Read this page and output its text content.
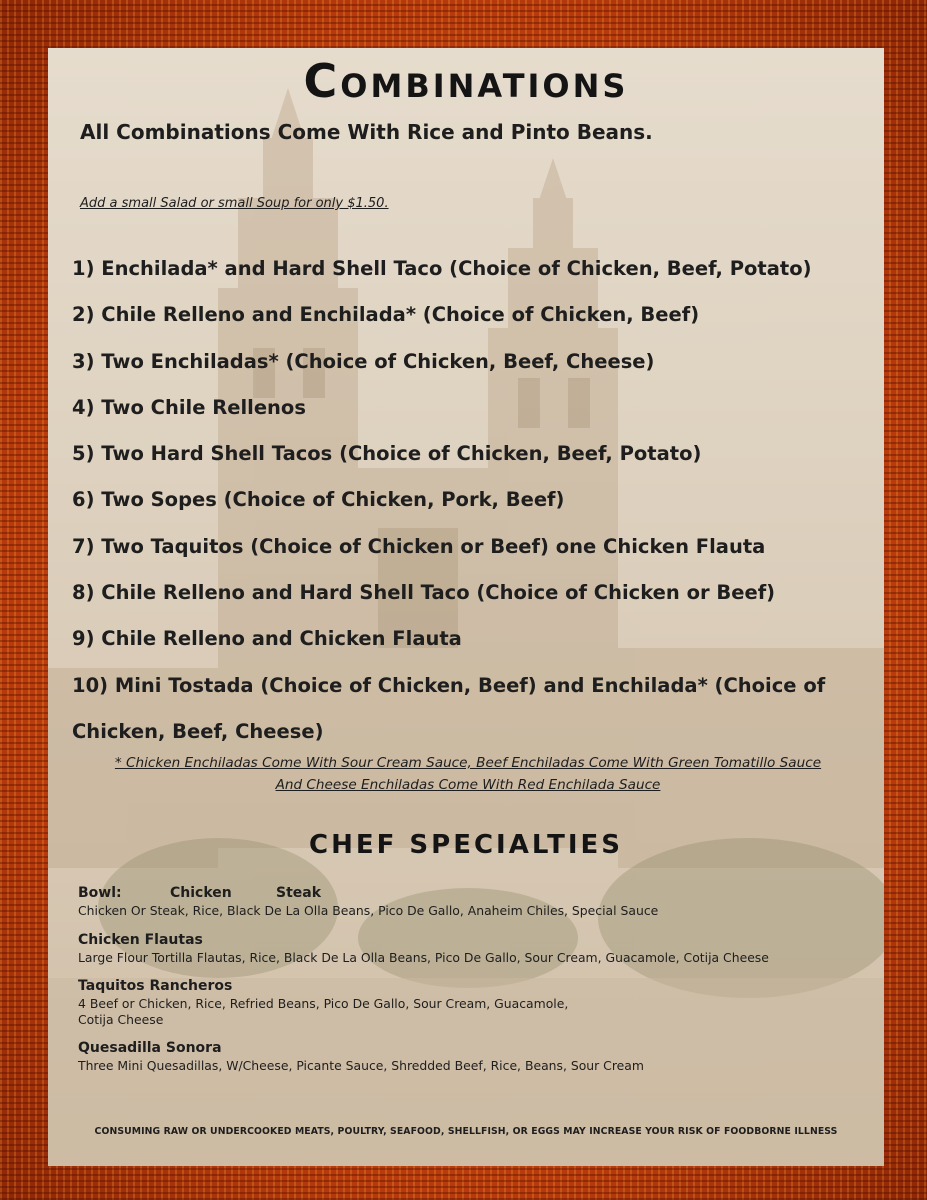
Combinations
All Combinations Come With Rice and Pinto Beans.
Add a small Salad or small Soup for only $1.50.
1) Enchilada* and Hard Shell Taco (Choice of Chicken, Beef, Potato)
2) Chile Relleno and Enchilada* (Choice of Chicken, Beef)
3) Two Enchiladas* (Choice of Chicken, Beef, Cheese)
4) Two Chile Rellenos
5) Two Hard Shell Tacos (Choice of Chicken, Beef, Potato)
6) Two Sopes (Choice of Chicken, Pork, Beef)
7) Two Taquitos (Choice of Chicken or Beef) one Chicken Flauta
8) Chile Relleno and Hard Shell Taco (Choice of Chicken or Beef)
9) Chile Relleno and Chicken Flauta
10) Mini Tostada (Choice of Chicken, Beef) and Enchilada* (Choice of Chicken, Beef, Cheese)
* Chicken Enchiladas Come With Sour Cream Sauce, Beef Enchiladas Come With Green Tomatillo Sauce
And Cheese Enchiladas Come With Red Enchilada Sauce
CHEF SPECIALTIES
Bowl:	Chicken	Steak
Chicken Or Steak, Rice, Black De La Olla Beans, Pico De Gallo, Anaheim Chiles, Special Sauce
Chicken Flautas
Large Flour Tortilla Flautas, Rice, Black De La Olla Beans, Pico De Gallo, Sour Cream, Guacamole, Cotija Cheese
Taquitos Rancheros
4 Beef or Chicken, Rice, Refried Beans, Pico De Gallo, Sour Cream, Guacamole,
Cotija Cheese
Quesadilla Sonora
Three Mini Quesadillas, W/Cheese, Picante Sauce, Shredded Beef, Rice, Beans, Sour Cream
CONSUMING RAW OR UNDERCOOKED MEATS, POULTRY, SEAFOOD, SHELLFISH, OR EGGS MAY INCREASE YOUR RISK OF FOODBORNE ILLNESS
